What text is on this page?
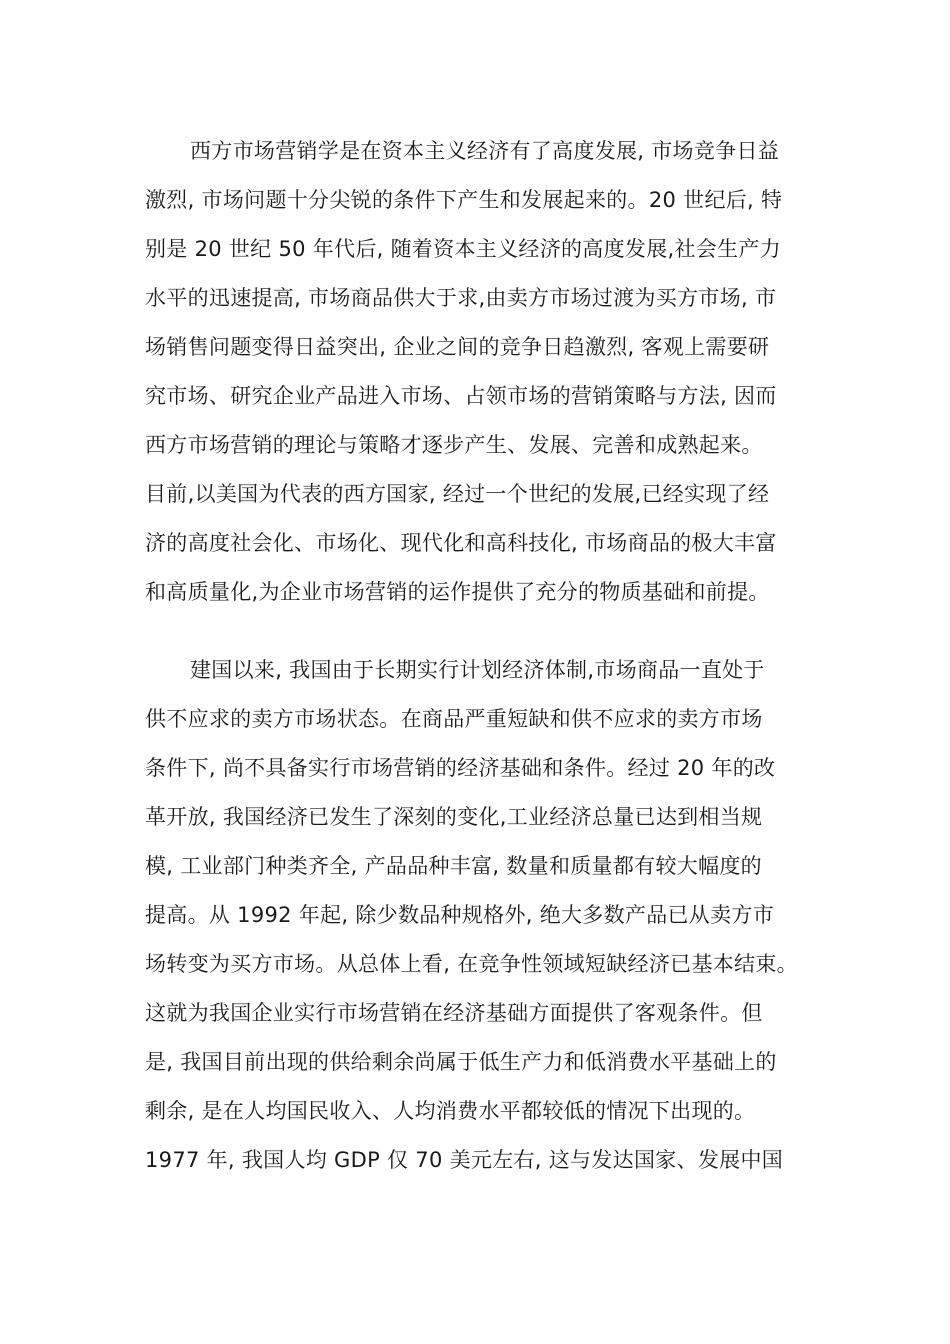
西方市场营销学是在资本主义经济有了高度发展, 市场竞争日益
激烈, 市场问题十分尖锐的条件下产生和发展起来的。20 世纪后, 特
别是 20 世纪 50 年代后, 随着资本主义经济的高度发展,社会生产力
水平的迅速提高, 市场商品供大于求,由卖方市场过渡为买方市场, 市
场销售问题变得日益突出, 企业之间的竞争日趋激烈, 客观上需要研
究市场、研究企业产品进入市场、占领市场的营销策略与方法, 因而
西方市场营销的理论与策略才逐步产生、发展、完善和成熟起来。
目前,以美国为代表的西方国家, 经过一个世纪的发展,已经实现了经
济的高度社会化、市场化、现代化和高科技化, 市场商品的极大丰富
和高质量化,为企业市场营销的运作提供了充分的物质基础和前提。
建国以来, 我国由于长期实行计划经济体制,市场商品一直处于
供不应求的卖方市场状态。在商品严重短缺和供不应求的卖方市场
条件下, 尚不具备实行市场营销的经济基础和条件。经过 20 年的改
革开放, 我国经济已发生了深刻的变化,工业经济总量已达到相当规
模, 工业部门种类齐全, 产品品种丰富, 数量和质量都有较大幅度的
提高。从 1992 年起, 除少数品种规格外, 绝大多数产品已从卖方市
场转变为买方市场。从总体上看, 在竞争性领域短缺经济已基本结束。
这就为我国企业实行市场营销在经济基础方面提供了客观条件。但
是, 我国目前出现的供给剩余尚属于低生产力和低消费水平基础上的
剩余, 是在人均国民收入、人均消费水平都较低的情况下出现的。
1977 年, 我国人均 GDP 仅 70 美元左右, 这与发达国家、发展中国
